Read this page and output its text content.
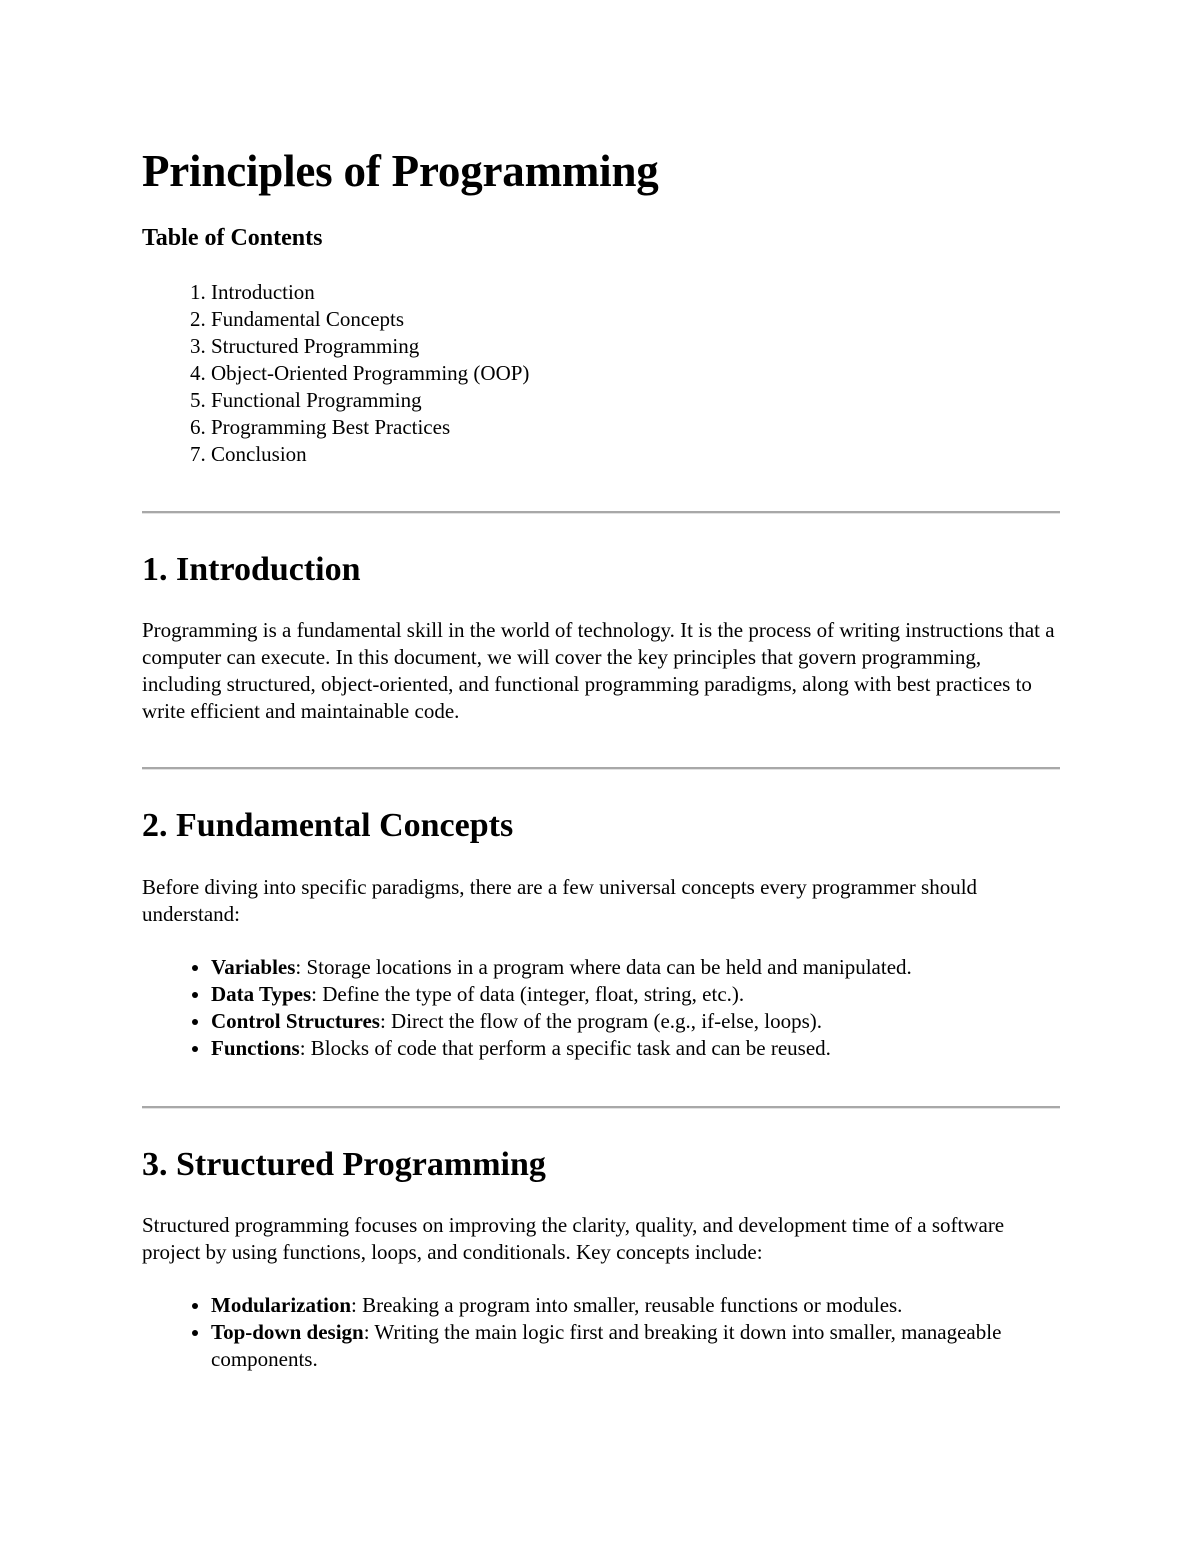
Principles of Programming
Table of Contents
1. Introduction
2. Fundamental Concepts
3. Structured Programming
4. Object-Oriented Programming (OOP)
5. Functional Programming
6. Programming Best Practices
7. Conclusion
1. Introduction

Programming is a fundamental skill in the world of technology. It is the process of writing instructions that a computer can execute. In this document, we will cover the key principles that govern programming, including structured, object-oriented, and functional programming paradigms, along with best practices to write efficient and maintainable code.

2. Fundamental Concepts

Before diving into specific paradigms, there are a few universal concepts every programmer should understand:

• Variables: Storage locations in a program where data can be held and manipulated.
• Data Types: Define the type of data (integer, float, string, etc.).
• Control Structures: Direct the flow of the program (e.g., if-else, loops).
• Functions: Blocks of code that perform a specific task and can be reused.
3. Structured Programming

Structured programming focuses on improving the clarity, quality, and development time of a software project by using functions, loops, and conditionals. Key concepts include:

• Modularization: Breaking a program into smaller, reusable functions or modules.
• Top-down design: Writing the main logic first and breaking it down into smaller, manageable components.
